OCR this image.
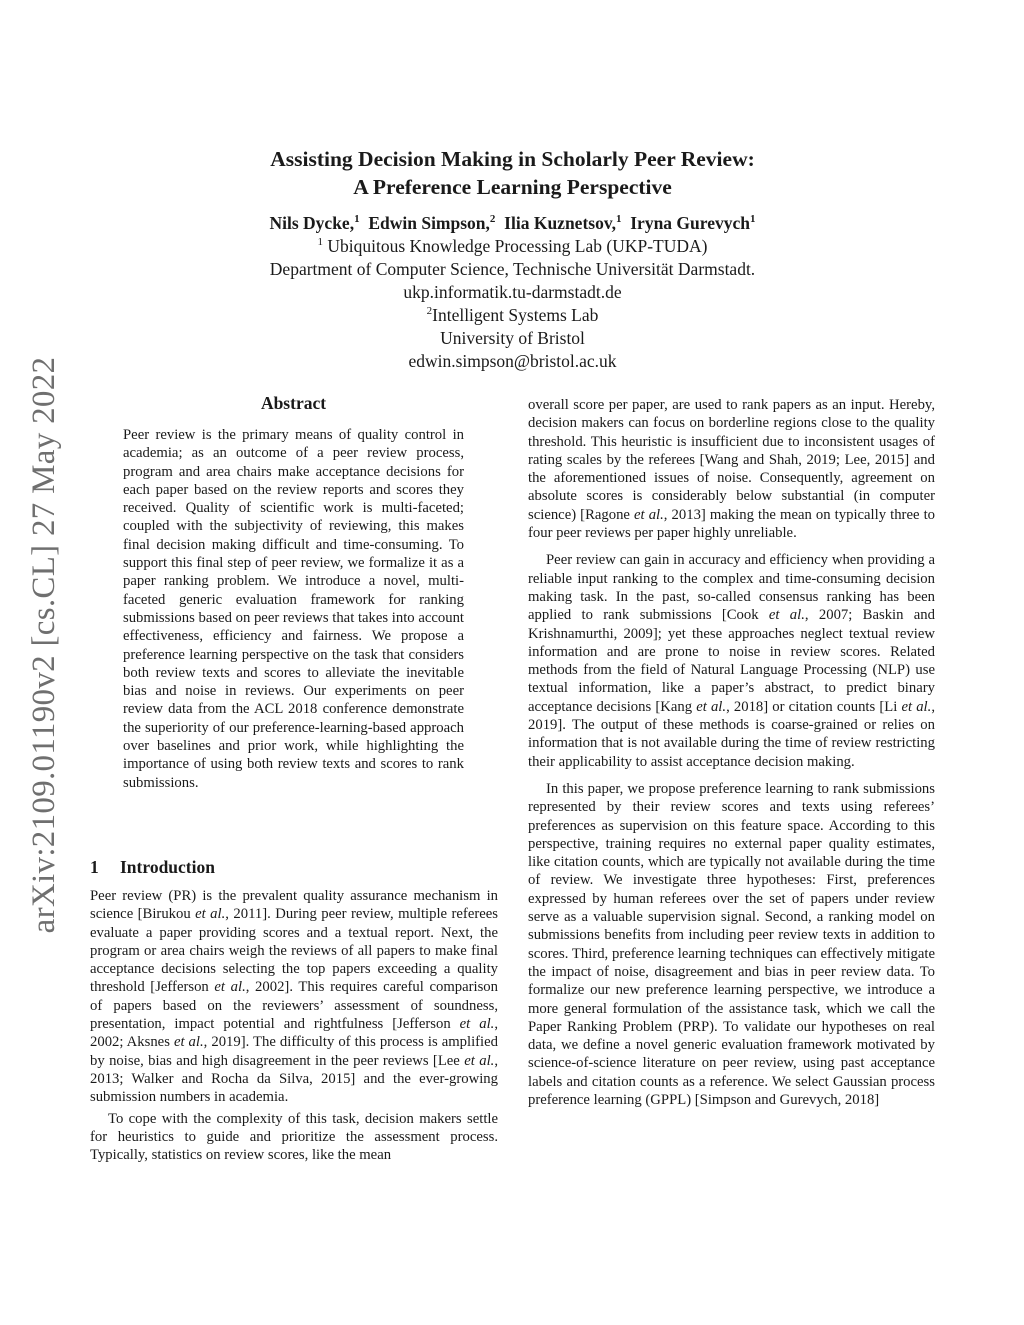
arXiv:2109.01190v2 [cs.CL] 27 May 2022
Assisting Decision Making in Scholarly Peer Review:
A Preference Learning Perspective
Nils Dycke,$^1$ Edwin Simpson,$^2$ Ilia Kuznetsov,$^1$ Iryna Gurevych$^1$
$^1$ Ubiquitous Knowledge Processing Lab (UKP-TUDA)
Department of Computer Science, Technische Universität Darmstadt.
ukp.informatik.tu-darmstadt.de
$^2$Intelligent Systems Lab
University of Bristol
edwin.simpson@bristol.ac.uk
Abstract

Peer review is the primary means of quality control in academia; as an outcome of a peer review process, program and area chairs make acceptance decisions for each paper based on the review reports and scores they received. Quality of scientific work is multi-faceted; coupled with the subjectivity of reviewing, this makes final decision making difficult and time-consuming. To support this final step of peer review, we formalize it as a paper ranking problem. We introduce a novel, multi-faceted generic evaluation framework for ranking submissions based on peer reviews that takes into account effectiveness, efficiency and fairness. We propose a preference learning perspective on the task that considers both review texts and scores to alleviate the inevitable bias and noise in reviews. Our experiments on peer review data from the ACL 2018 conference demonstrate the superiority of our preference-learning-based approach over baselines and prior work, while highlighting the importance of using both review texts and scores to rank submissions.

1 Introduction

Peer review (PR) is the prevalent quality assurance mechanism in science [Birukou et al., 2011]. During peer review, multiple referees evaluate a paper providing scores and a textual report. Next, the program or area chairs weigh the reviews of all papers to make final acceptance decisions selecting the top papers exceeding a quality threshold [Jefferson et al., 2002]. This requires careful comparison of papers based on the reviewers’ assessment of soundness, presentation, impact potential and rightfulness [Jefferson et al., 2002; Aksnes et al., 2019]. The difficulty of this process is amplified by noise, bias and high disagreement in the peer reviews [Lee et al., 2013; Walker and Rocha da Silva, 2015] and the ever-growing submission numbers in academia.

To cope with the complexity of this task, decision makers settle for heuristics to guide and prioritize the assessment process. Typically, statistics on review scores, like the mean

overall score per paper, are used to rank papers as an input. Hereby, decision makers can focus on borderline regions close to the quality threshold. This heuristic is insufficient due to inconsistent usages of rating scales by the referees [Wang and Shah, 2019; Lee, 2015] and the aforementioned issues of noise. Consequently, agreement on absolute scores is considerably below substantial (in computer science) [Ragone et al., 2013] making the mean on typically three to four peer reviews per paper highly unreliable.

Peer review can gain in accuracy and efficiency when providing a reliable input ranking to the complex and time-consuming decision making task. In the past, so-called consensus ranking has been applied to rank submissions [Cook et al., 2007; Baskin and Krishnamurthi, 2009]; yet these approaches neglect textual review information and are prone to noise in review scores. Related methods from the field of Natural Language Processing (NLP) use textual information, like a paper’s abstract, to predict binary acceptance decisions [Kang et al., 2018] or citation counts [Li et al., 2019]. The output of these methods is coarse-grained or relies on information that is not available during the time of review restricting their applicability to assist acceptance decision making.

In this paper, we propose preference learning to rank submissions represented by their review scores and texts using referees’ preferences as supervision on this feature space. According to this perspective, training requires no external paper quality estimates, like citation counts, which are typically not available during the time of review. We investigate three hypotheses: First, preferences expressed by human referees over the set of papers under review serve as a valuable supervision signal. Second, a ranking model on submissions benefits from including peer review texts in addition to scores. Third, preference learning techniques can effectively mitigate the impact of noise, disagreement and bias in peer review data. To formalize our new preference learning perspective, we introduce a more general formulation of the assistance task, which we call the Paper Ranking Problem (PRP). To validate our hypotheses on real data, we define a novel generic evaluation framework motivated by science-of-science literature on peer review, using past acceptance labels and citation counts as a reference. We select Gaussian process preference learning (GPPL) [Simpson and Gurevych, 2018]
